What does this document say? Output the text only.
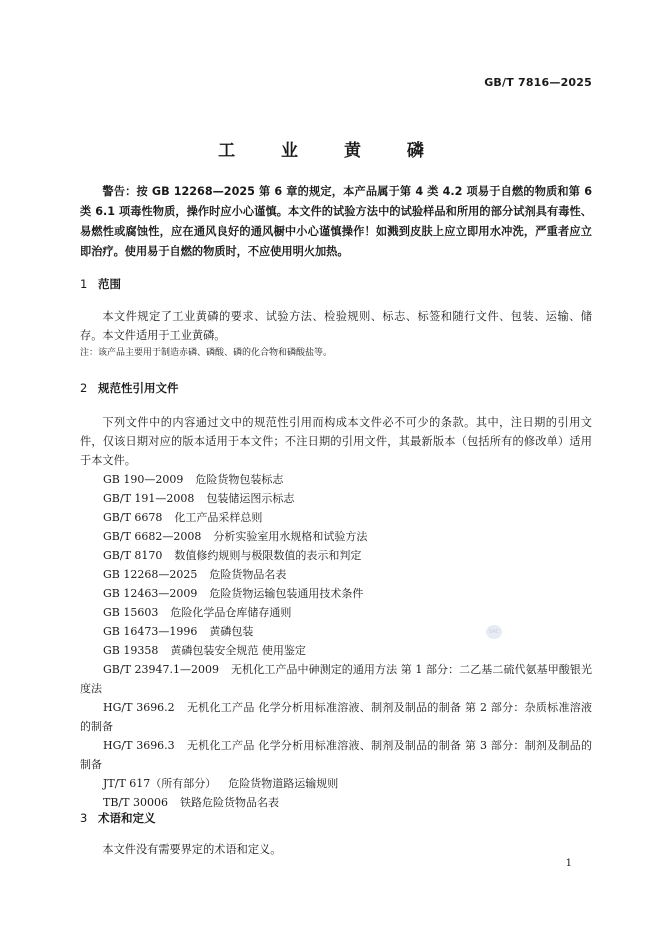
GB/T 7816—2025
工 业 黄 磷
警告：按 GB 12268—2025 第 6 章的规定，本产品属于第 4 类 4.2 项易于自燃的物质和第 6 类 6.1 项毒性物质，操作时应小心谨慎。本文件的试验方法中的试验样品和所用的部分试剂具有毒性、易燃性或腐蚀性，应在通风良好的通风橱中小心谨慎操作！如溅到皮肤上应立即用水冲洗，严重者应立即治疗。使用易于自燃的物质时，不应使用明火加热。
1 范围
本文件规定了工业黄磷的要求、试验方法、检验规则、标志、标签和随行文件、包装、运输、储存。 本文件适用于工业黄磷。
注：该产品主要用于制造赤磷、磷酸、磷的化合物和磷酸盐等。
2 规范性引用文件
下列文件中的内容通过文中的规范性引用而构成本文件必不可少的条款。其中，注日期的引用文件，仅该日期对应的版本适用于本文件；不注日期的引用文件，其最新版本（包括所有的修改单）适用于本文件。
GB 190—2009 危险货物包装标志
GB/T 191—2008 包装储运图示标志
GB/T 6678 化工产品采样总则
GB/T 6682—2008 分析实验室用水规格和试验方法
GB/T 8170 数值修约规则与极限数值的表示和判定
GB 12268—2025 危险货物品名表
GB 12463—2009 危险货物运输包装通用技术条件
GB 15603 危险化学品仓库储存通则
GB 16473—1996 黄磷包装
GB 19358 黄磷包装安全规范 使用鉴定
GB/T 23947.1—2009 无机化工产品中砷测定的通用方法 第 1 部分：二乙基二硫代氨基甲酸银光度法
HG/T 3696.2 无机化工产品 化学分析用标准溶液、制剂及制品的制备 第 2 部分：杂质标准溶液的制备
HG/T 3696.3 无机化工产品 化学分析用标准溶液、制剂及制品的制备 第 3 部分：制剂及制品的制备
JT/T 617（所有部分） 危险货物道路运输规则
TB/T 30006 铁路危险货物品名表
3 术语和定义
本文件没有需要界定的术语和定义。
SAC
1
